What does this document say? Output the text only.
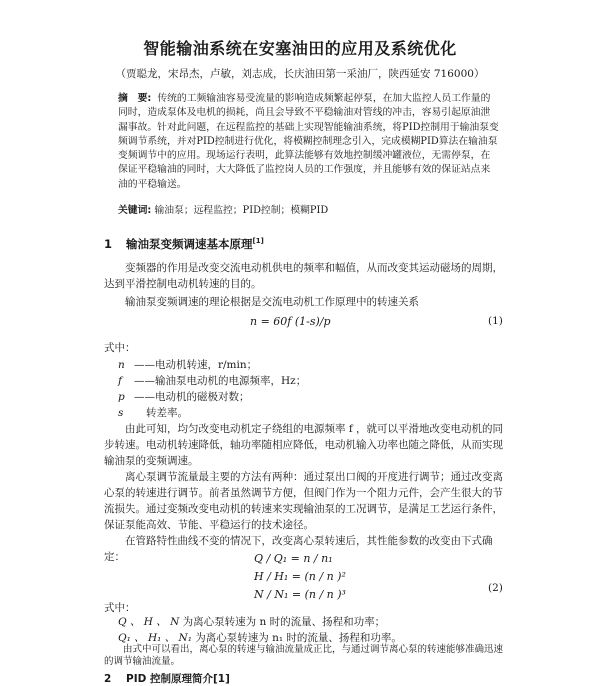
智能输油系统在安塞油田的应用及系统优化

（贾聪龙，宋昂杰，卢敏，刘志成，长庆油田第一采油厂，陕西延安 716000）

摘　要: 传统的工频输油容易受流量的影响造成频繁起停泵，在加大监控人员工作量的同时，造成泵体及电机的损耗，尚且会导致不平稳输油对管线的冲击，容易引起原油泄漏事故。针对此问题，在远程监控的基础上实现智能输油系统，将PID控制用于输油泵变频调节系统，并对PID控制进行优化，将模糊控制理念引入，完成模糊PID算法在输油泵变频调节中的应用。现场运行表明，此算法能够有效地控制缓冲罐液位，无需停泵，在保证平稳输油的同时，大大降低了监控岗人员的工作强度，并且能够有效的保证站点来油的平稳输送。
关键词: 输油泵；远程监控；PID控制；模糊PID
1 输油泵变频调速基本原理[1]

变频器的作用是改变交流电动机供电的频率和幅值，从而改变其运动磁场的周期，达到平滑控制电动机转速的目的。

输油泵变频调速的理论根据是交流电动机工作原理中的转速关系

n = 60f (1-s)/p	(1)

式中：

n ——电动机转速，r/min；
f ——输油泵电动机的电源频率，Hz；
p ——电动机的磁极对数；
s 转差率。

由此可知，均匀改变电动机定子绕组的电源频率 f ，就可以平滑地改变电动机的同步转速。电动机转速降低，轴功率随相应降低，电动机输入功率也随之降低，从而实现输油泵的变频调速。

离心泵调节流量最主要的方法有两种：通过泵出口阀的开度进行调节；通过改变离心泵的转速进行调节。前者虽然调节方便，但阀门作为一个阻力元件，会产生很大的节流损失。通过变频改变电动机的转速来实现输油泵的工况调节，是满足工艺运行条件，保证泵能高效、节能、平稳运行的技术途径。

在管路特性曲线不变的情况下，改变离心泵转速后，其性能参数的改变由下式确定：	Q / Q₁ = n / n₁
H / H₁ = (n / n )²
N / N₁ = (n / n )³	(2)

式中：

Q 、 H 、 N 为离心泵转速为 n 时的流量、扬程和功率；
Q₁ 、 H₁ 、 N₁ 为离心泵转速为 n₁ 时的流量、扬程和功率。

由式中可以看出，离心泵的转速与输油流量成正比，与通过调节离心泵的转速能够准确迅速的调节输油流量。

2 PID 控制原理简介[1]
